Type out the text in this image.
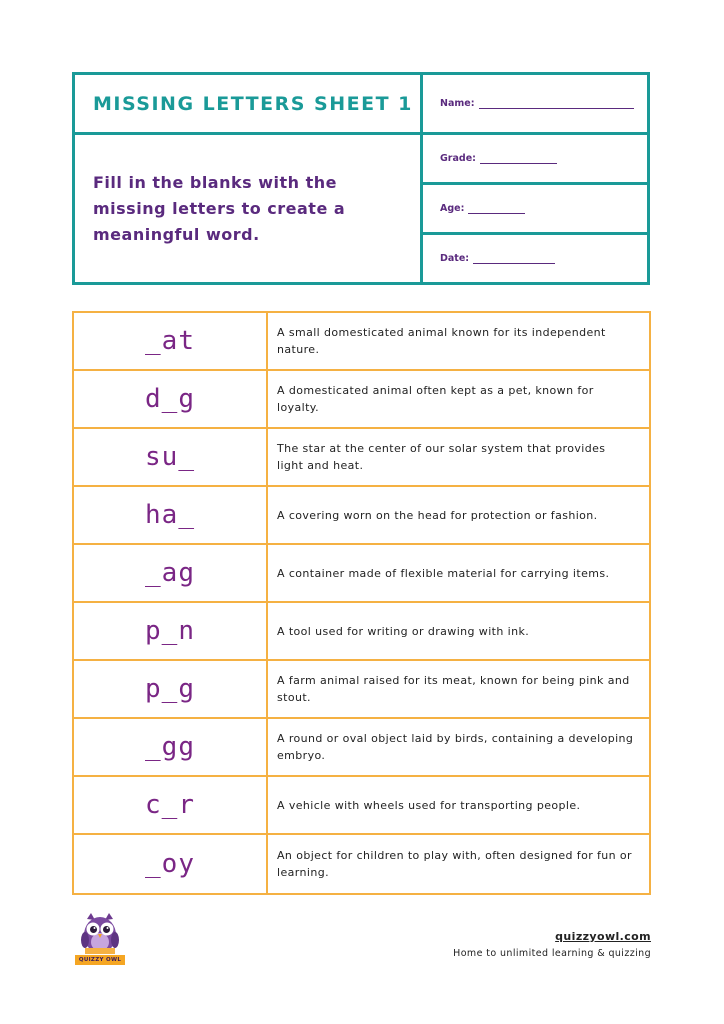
MISSING LETTERS SHEET 1
Fill in the blanks with the missing letters to create a meaningful word.
Name:
Grade:
Age:
Date:
_at	A small domesticated animal known for its independent nature.
d_g	A domesticated animal often kept as a pet, known for loyalty.
su_	The star at the center of our solar system that provides light and heat.
ha_	A covering worn on the head for protection or fashion.
_ag	A container made of flexible material for carrying items.
p_n	A tool used for writing or drawing with ink.
p_g	A farm animal raised for its meat, known for being pink and stout.
_gg	A round or oval object laid by birds, containing a developing embryo.
c_r	A vehicle with wheels used for transporting people.
_oy	An object for children to play with, often designed for fun or learning.
QUIZZY OWL
quizzyowl.com
Home to unlimited learning & quizzing
